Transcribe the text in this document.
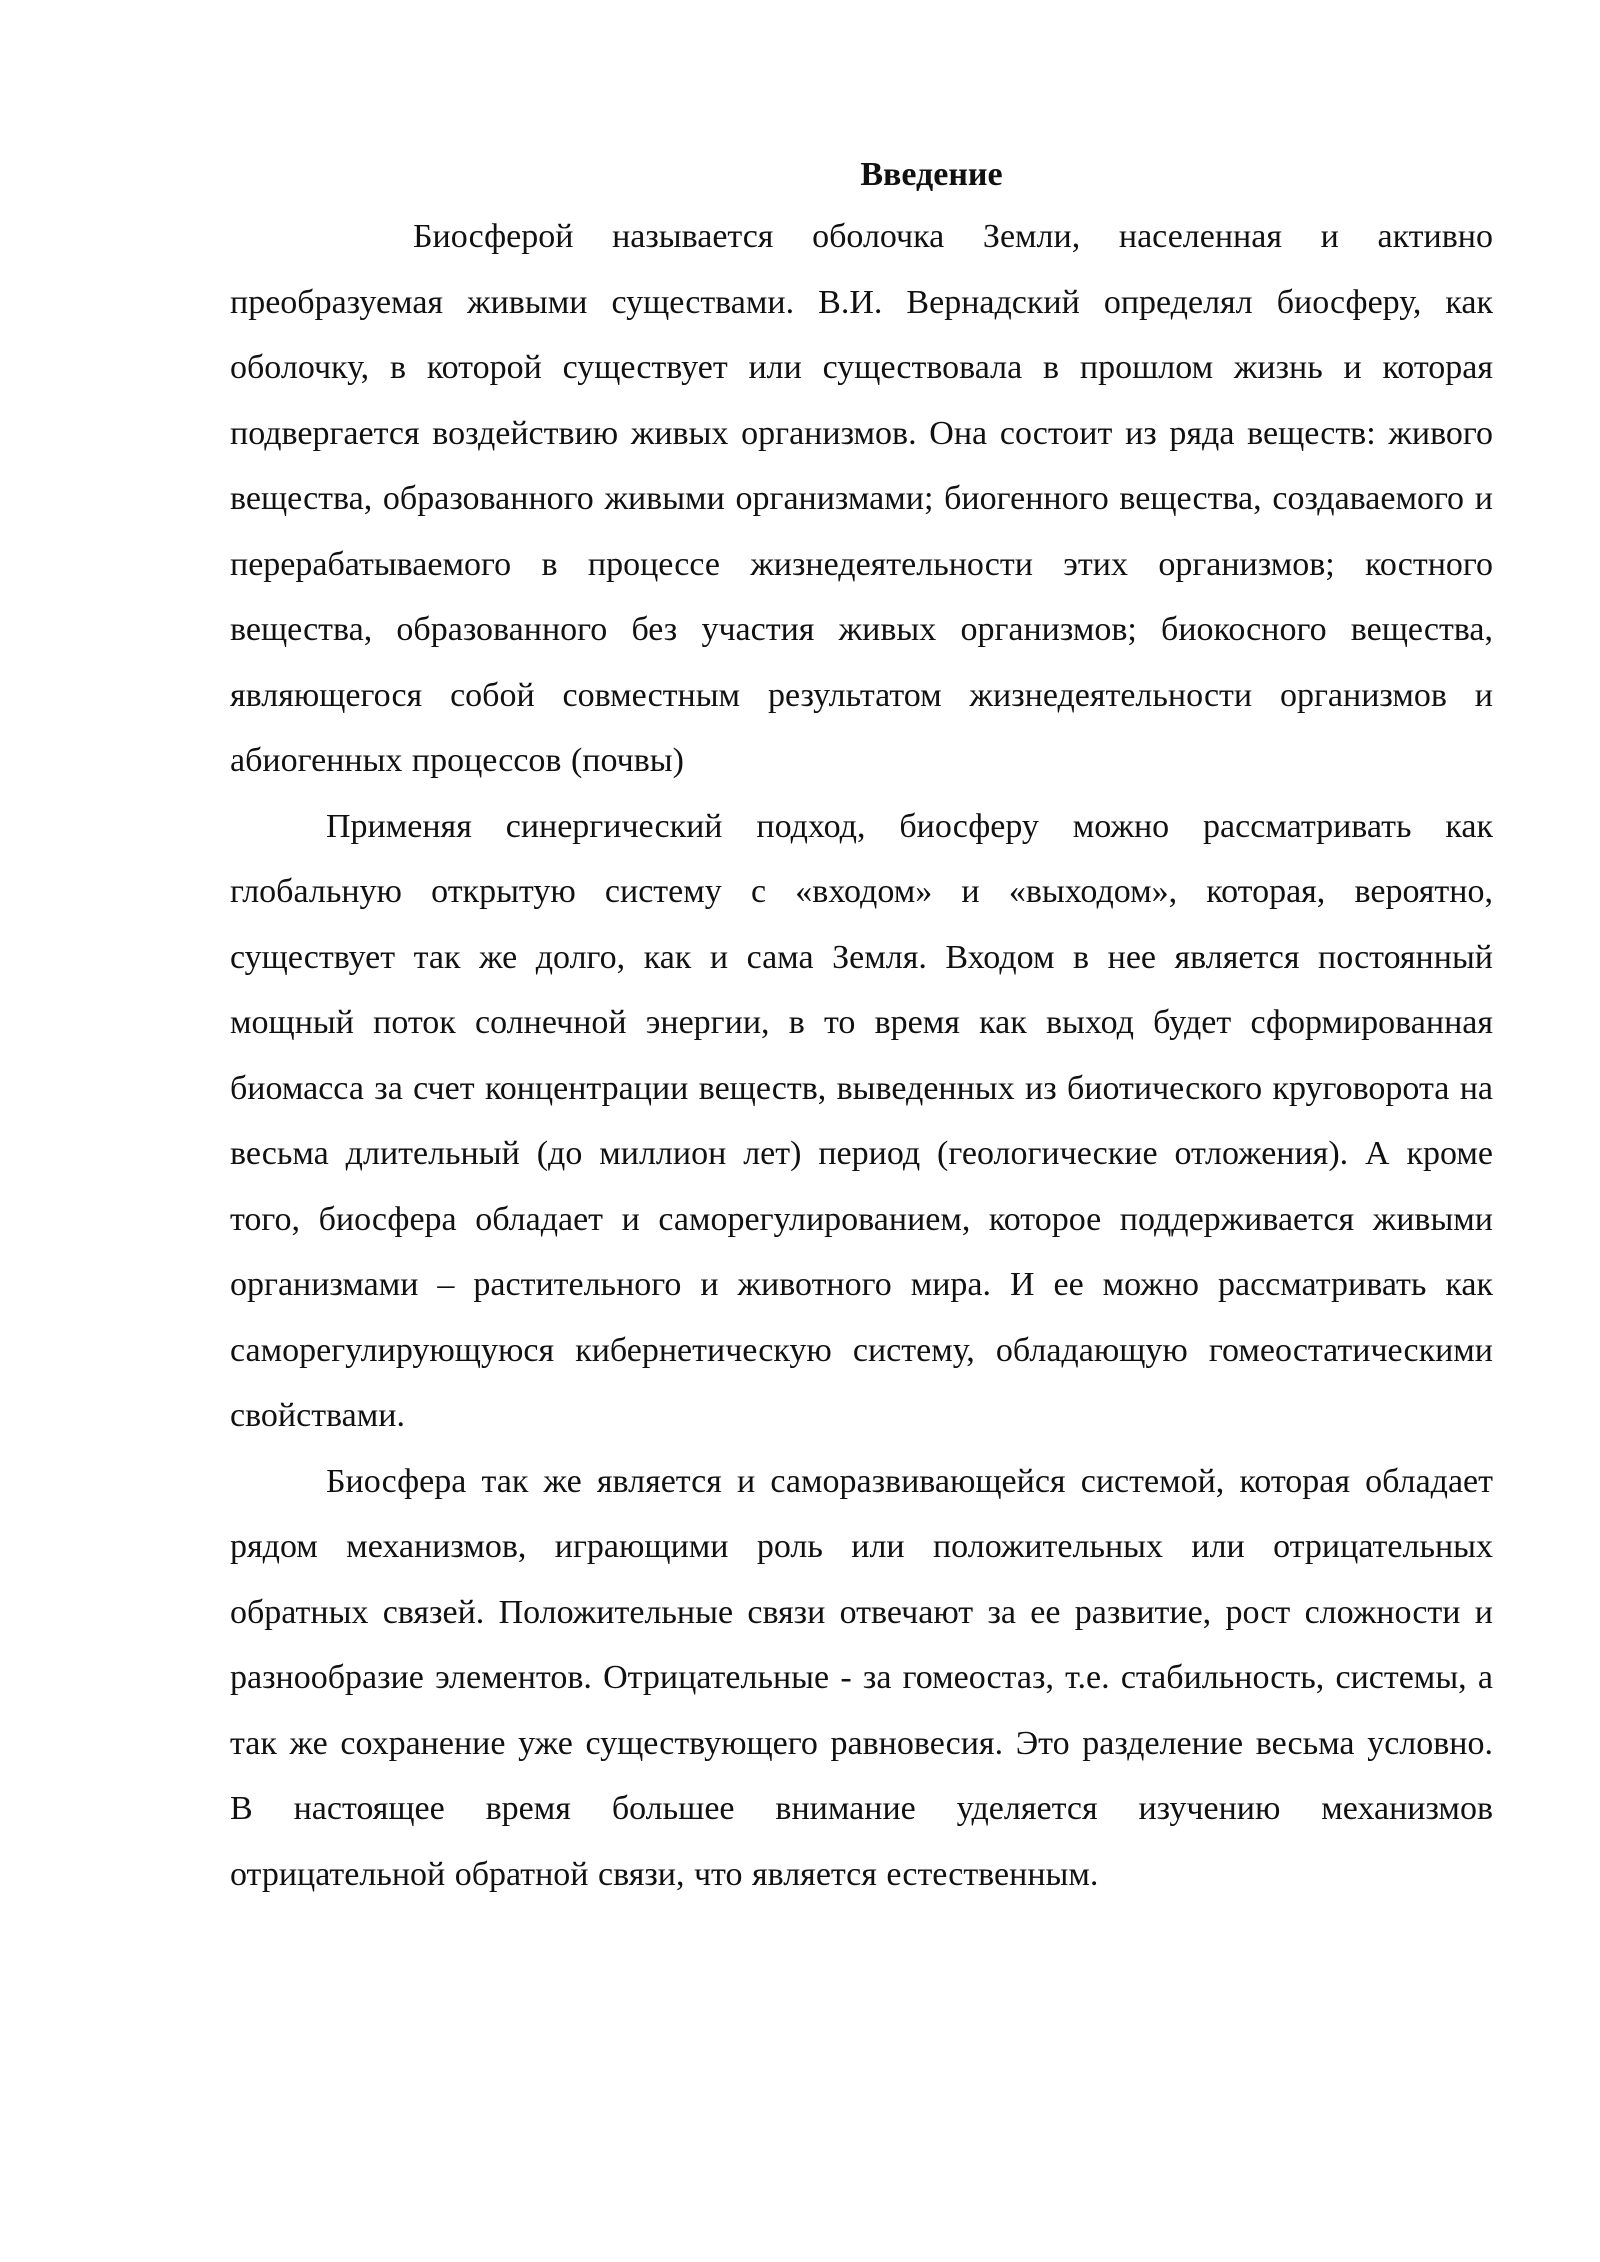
Введение

Биосферой называется оболочка Земли, населенная и активно преобразуемая живыми существами. В.И. Вернадский определял биосферу, как оболочку, в которой существует или существовала в прошлом жизнь и которая подвергается воздействию живых организмов. Она состоит из ряда веществ: живого вещества, образованного живыми организмами; биогенного вещества, создаваемого и перерабатываемого в процессе жизнедеятельности этих организмов; костного вещества, образованного без участия живых организмов; биокосного вещества, являющегося собой совместным результатом жизнедеятельности организмов и абиогенных процессов (почвы)

Применяя синергический подход, биосферу можно рассматривать как глобальную открытую систему с «входом» и «выходом», которая, вероятно, существует так же долго, как и сама Земля. Входом в нее является постоянный мощный поток солнечной энергии, в то время как выход будет сформированная биомасса за счет концентрации веществ, выведенных из биотического круговорота на весьма длительный (до миллион лет) период (геологические отложения). А кроме того, биосфера обладает и саморегулированием, которое поддерживается живыми организмами – растительного и животного мира. И ее можно рассматривать как саморегулирующуюся кибернетическую систему, обладающую гомеостатическими свойствами.

Биосфера так же является и саморазвивающейся системой, которая обладает рядом механизмов, играющими роль или положительных или отрицательных обратных связей. Положительные связи отвечают за ее развитие, рост сложности и разнообразие элементов. Отрицательные - за гомеостаз, т.е. стабильность, системы, а так же сохранение уже существующего равновесия. Это разделение весьма условно. В настоящее время большее внимание уделяется изучению механизмов отрицательной обратной связи, что является естественным.
